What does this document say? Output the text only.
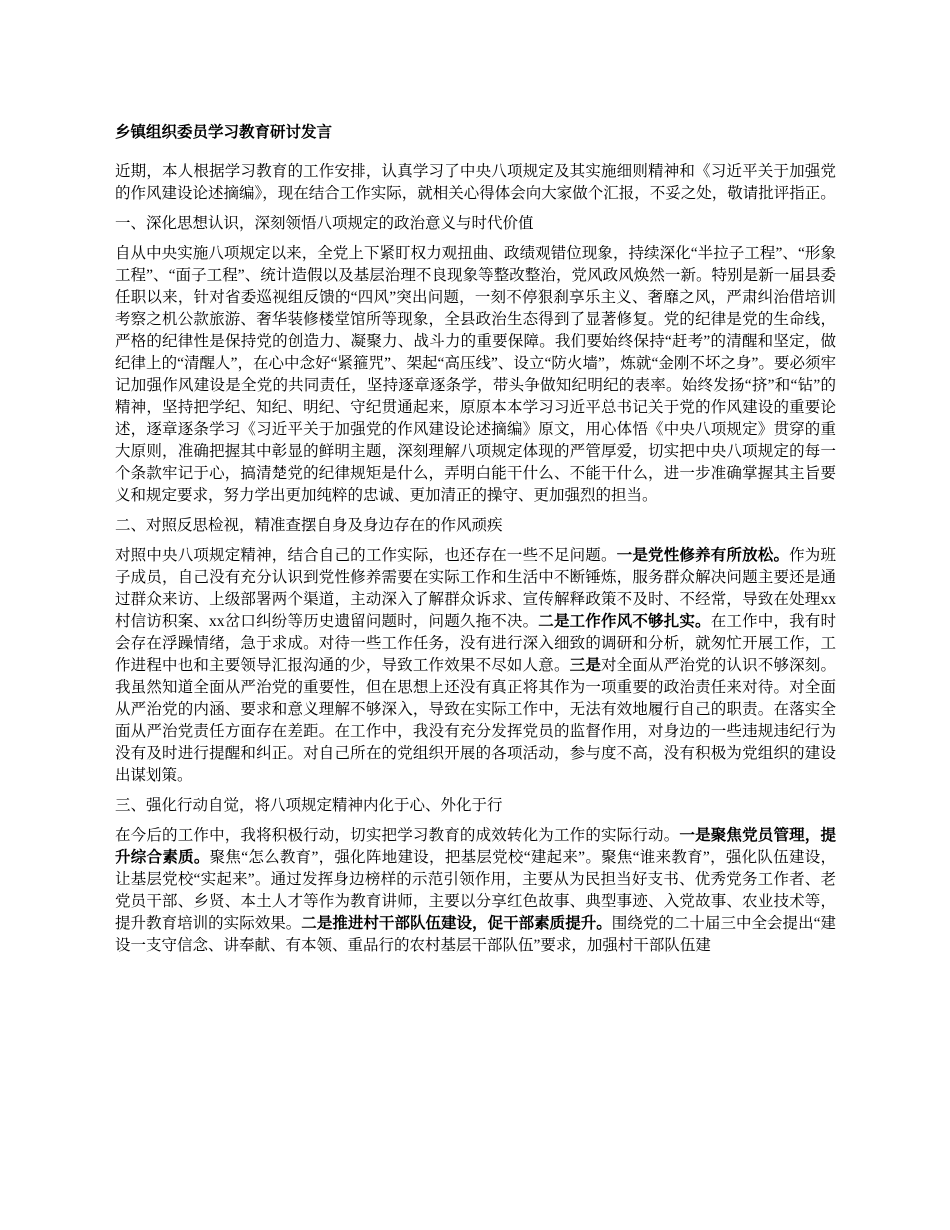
乡镇组织委员学习教育研讨发言

近期，本人根据学习教育的工作安排，认真学习了中央八项规定及其实施细则精神和《习近平关于加强党的作风建设论述摘编》，现在结合工作实际，就相关心得体会向大家做个汇报，不妥之处，敬请批评指正。

一、深化思想认识，深刻领悟八项规定的政治意义与时代价值

自从中央实施八项规定以来，全党上下紧盯权力观扭曲、政绩观错位现象，持续深化“半拉子工程”、“形象工程”、“面子工程”、统计造假以及基层治理不良现象等整改整治，党风政风焕然一新。特别是新一届县委任职以来，针对省委巡视组反馈的“四风”突出问题，一刻不停狠刹享乐主义、奢靡之风，严肃纠治借培训考察之机公款旅游、奢华装修楼堂馆所等现象，全县政治生态得到了显著修复。党的纪律是党的生命线，严格的纪律性是保持党的创造力、凝聚力、战斗力的重要保障。我们要始终保持“赶考”的清醒和坚定，做纪律上的“清醒人”，在心中念好“紧箍咒”、架起“高压线”、设立“防火墙”，炼就“金刚不坏之身”。要必须牢记加强作风建设是全党的共同责任，坚持逐章逐条学，带头争做知纪明纪的表率。始终发扬“挤”和“钻”的精神，坚持把学纪、知纪、明纪、守纪贯通起来，原原本本学习习近平总书记关于党的作风建设的重要论述，逐章逐条学习《习近平关于加强党的作风建设论述摘编》原文，用心体悟《中央八项规定》贯穿的重大原则，准确把握其中彰显的鲜明主题，深刻理解八项规定体现的严管厚爱，切实把中央八项规定的每一个条款牢记于心，搞清楚党的纪律规矩是什么，弄明白能干什么、不能干什么，进一步准确掌握其主旨要义和规定要求，努力学出更加纯粹的忠诚、更加清正的操守、更加强烈的担当。

二、对照反思检视，精准查摆自身及身边存在的作风顽疾

对照中央八项规定精神，结合自己的工作实际，也还存在一些不足问题。一是党性修养有所放松。作为班子成员，自己没有充分认识到党性修养需要在实际工作和生活中不断锤炼，服务群众解决问题主要还是通过群众来访、上级部署两个渠道，主动深入了解群众诉求、宣传解释政策不及时、不经常，导致在处理xx村信访积案、xx岔口纠纷等历史遗留问题时，问题久拖不决。二是工作作风不够扎实。在工作中，我有时会存在浮躁情绪，急于求成。对待一些工作任务，没有进行深入细致的调研和分析，就匆忙开展工作，工作进程中也和主要领导汇报沟通的少，导致工作效果不尽如人意。三是对全面从严治党的认识不够深刻。我虽然知道全面从严治党的重要性，但在思想上还没有真正将其作为一项重要的政治责任来对待。对全面从严治党的内涵、要求和意义理解不够深入，导致在实际工作中，无法有效地履行自己的职责。在落实全面从严治党责任方面存在差距。在工作中，我没有充分发挥党员的监督作用，对身边的一些违规违纪行为没有及时进行提醒和纠正。对自己所在的党组织开展的各项活动，参与度不高，没有积极为党组织的建设出谋划策。

三、强化行动自觉，将八项规定精神内化于心、外化于行

在今后的工作中，我将积极行动，切实把学习教育的成效转化为工作的实际行动。一是聚焦党员管理，提升综合素质。聚焦“怎么教育”，强化阵地建设，把基层党校“建起来”。聚焦“谁来教育”，强化队伍建设，让基层党校“实起来”。通过发挥身边榜样的示范引领作用，主要从为民担当好支书、优秀党务工作者、老党员干部、乡贤、本土人才等作为教育讲师，主要以分享红色故事、典型事迹、入党故事、农业技术等，提升教育培训的实际效果。二是推进村干部队伍建设，促干部素质提升。围绕党的二十届三中全会提出“建设一支守信念、讲奉献、有本领、重品行的农村基层干部队伍”要求，加强村干部队伍建
